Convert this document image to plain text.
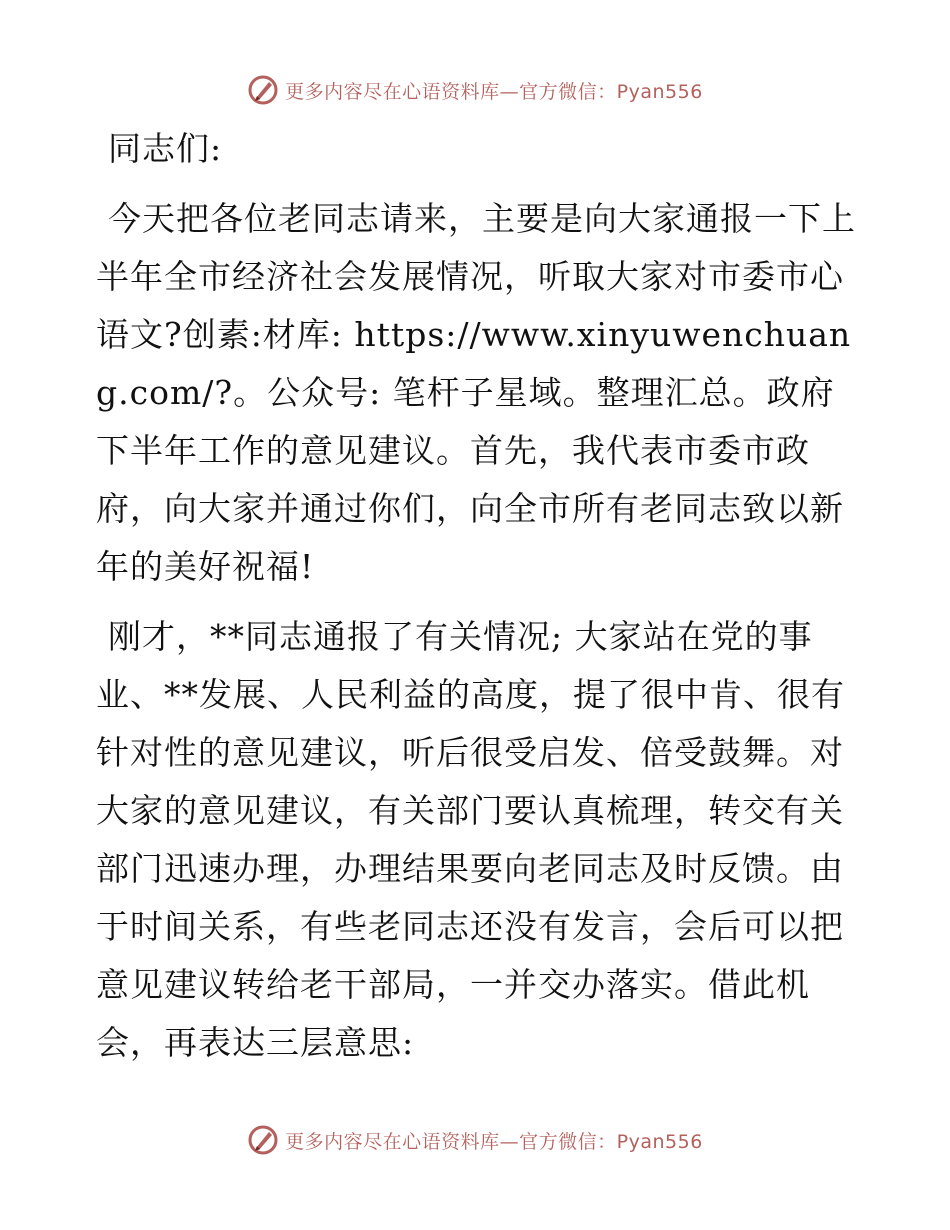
更多内容尽在心语资料库—官方微信：Pyan556

同志们:

今天把各位老同志请来，主要是向大家通报一下上半年全市经济社会发展情况，听取大家对市委市心语文?创素:材库: https://www.xinyuwenchuang.com/?。公众号: 笔杆子星域。整理汇总。政府下半年工作的意见建议。首先，我代表市委市政府，向大家并通过你们，向全市所有老同志致以新年的美好祝福!

刚才，**同志通报了有关情况; 大家站在党的事业、**发展、人民利益的高度，提了很中肯、很有针对性的意见建议，听后很受启发、倍受鼓舞。对大家的意见建议，有关部门要认真梳理，转交有关部门迅速办理，办理结果要向老同志及时反馈。由于时间关系，有些老同志还没有发言，会后可以把意见建议转给老干部局，一并交办落实。借此机会，再表达三层意思:

更多内容尽在心语资料库—官方微信：Pyan556
